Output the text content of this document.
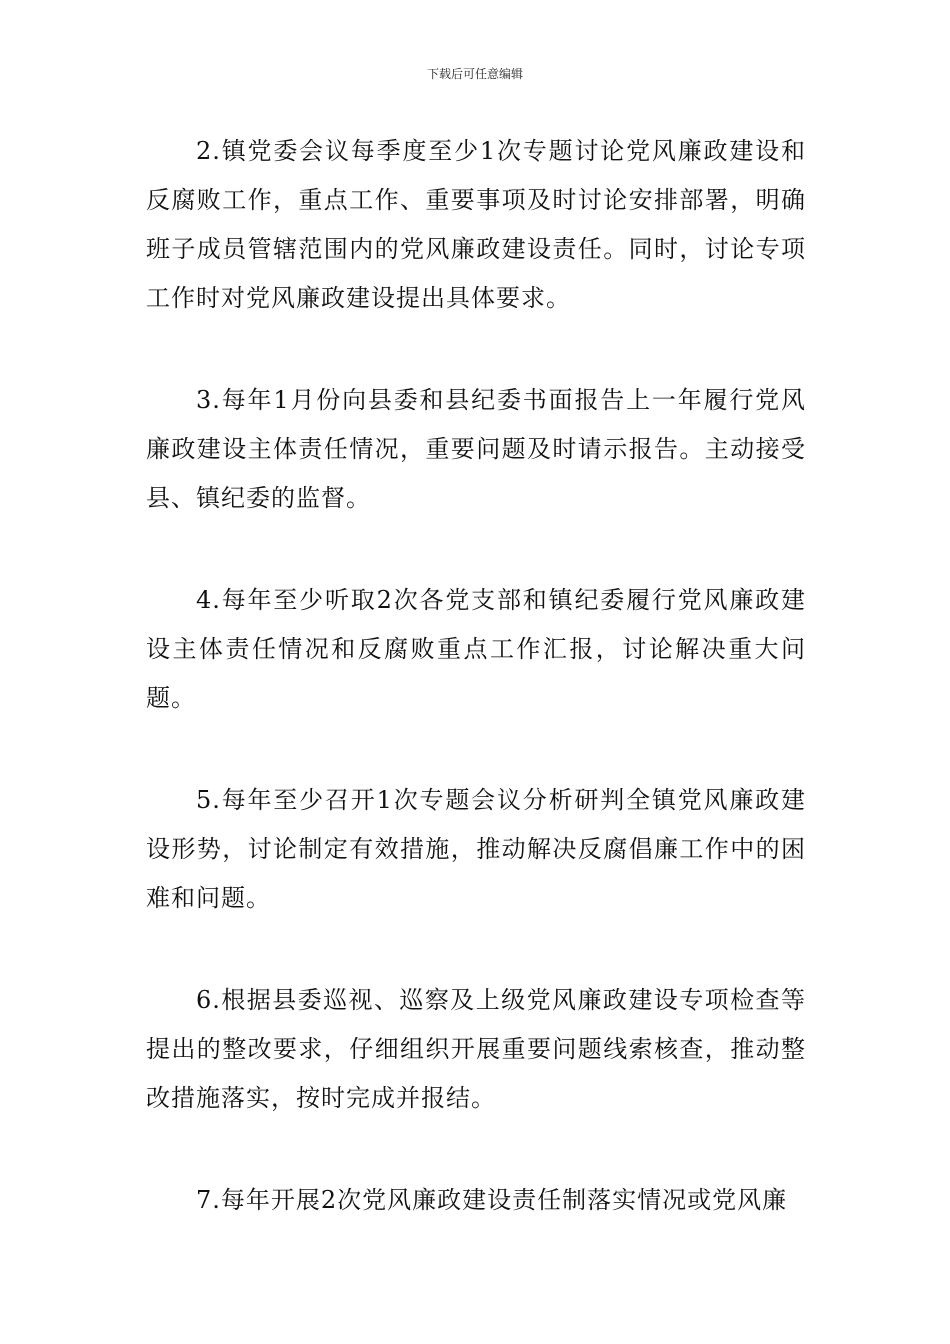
下载后可任意编辑

2.镇党委会议每季度至少1次专题讨论党风廉政建设和反腐败工作，重点工作、重要事项及时讨论安排部署，明确班子成员管辖范围内的党风廉政建设责任。同时，讨论专项工作时对党风廉政建设提出具体要求。

3.每年1月份向县委和县纪委书面报告上一年履行党风廉政建设主体责任情况，重要问题及时请示报告。主动接受县、镇纪委的监督。

4.每年至少听取2次各党支部和镇纪委履行党风廉政建设主体责任情况和反腐败重点工作汇报，讨论解决重大问题。

5.每年至少召开1次专题会议分析研判全镇党风廉政建设形势，讨论制定有效措施，推动解决反腐倡廉工作中的困难和问题。

6.根据县委巡视、巡察及上级党风廉政建设专项检查等提出的整改要求，仔细组织开展重要问题线索核查，推动整改措施落实，按时完成并报结。

7.每年开展2次党风廉政建设责任制落实情况或党风廉
